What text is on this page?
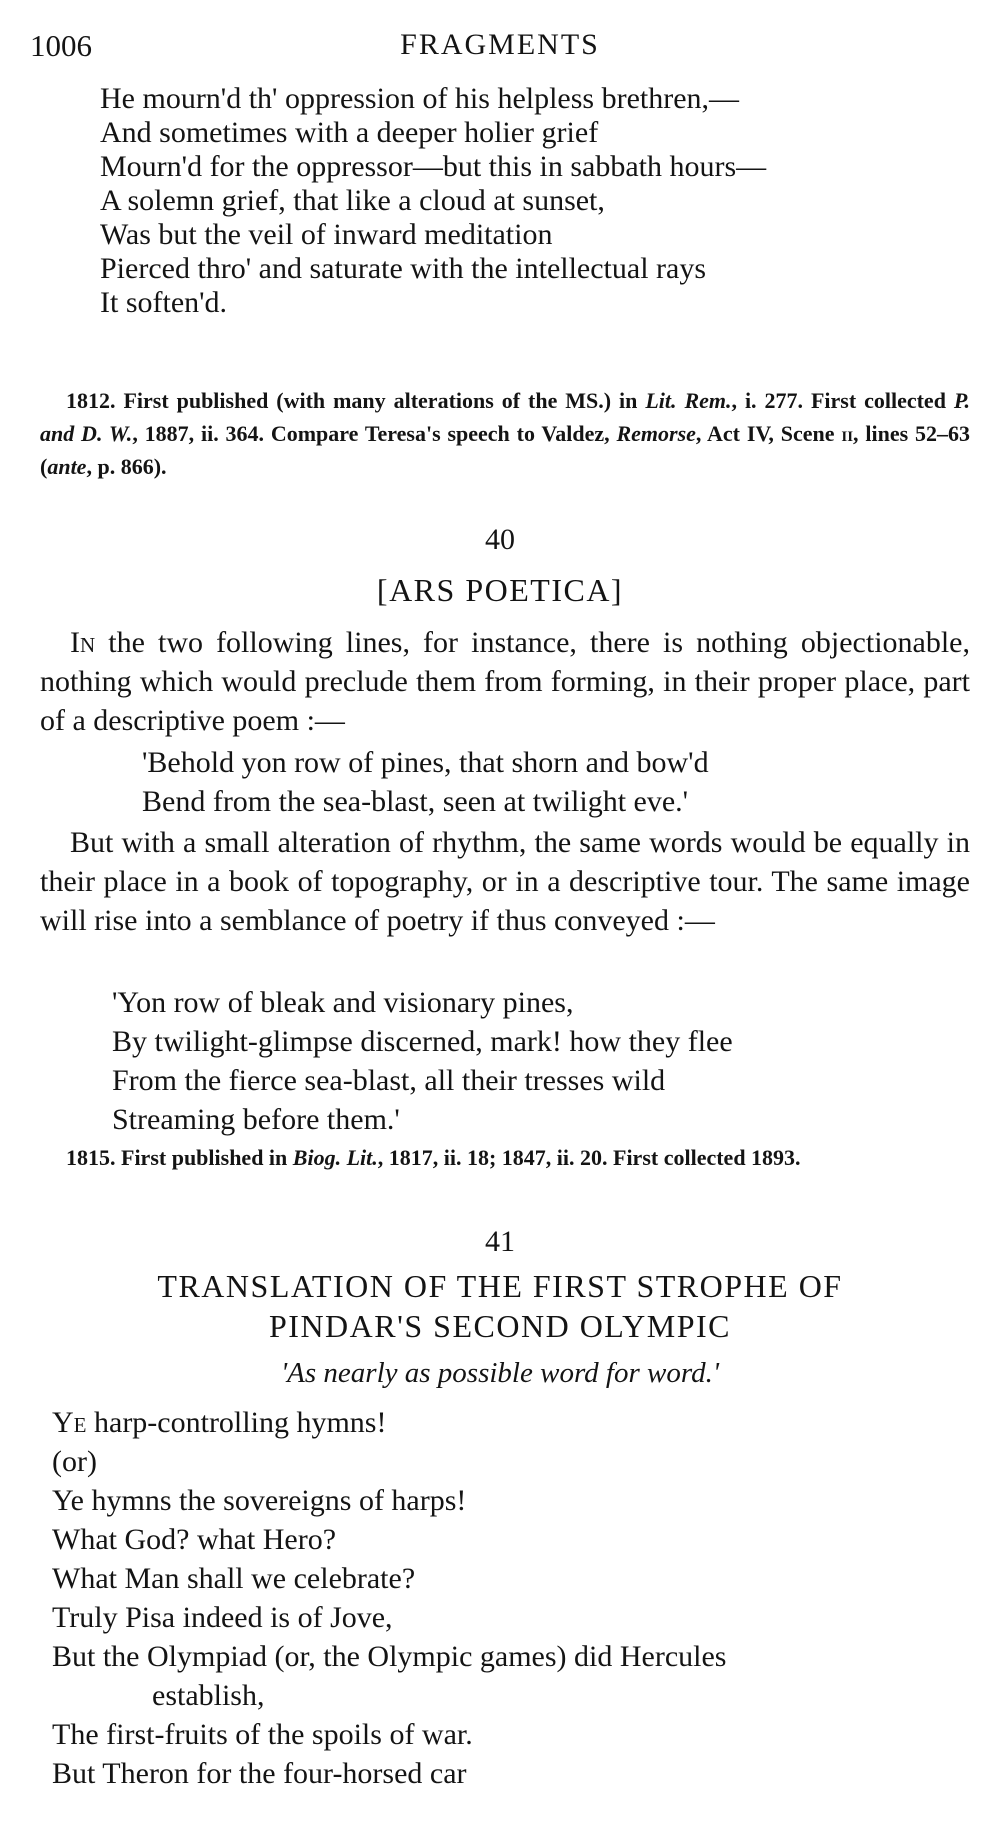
1006	FRAGMENTS
He mourn'd th' oppression of his helpless brethren,—
And sometimes with a deeper holier grief
Mourn'd for the oppressor—but this in sabbath hours—
A solemn grief, that like a cloud at sunset,
Was but the veil of inward meditation
Pierced thro' and saturate with the intellectual rays
It soften'd.

1812. First published (with many alterations of the MS.) in Lit. Rem., i. 277. First collected P. and D. W., 1887, ii. 364. Compare Teresa's speech to Valdez, Remorse, Act IV, Scene ii, lines 52–63 (ante, p. 866).

40
[ARS POETICA]

In the two following lines, for instance, there is nothing objectionable, nothing which would preclude them from forming, in their proper place, part of a descriptive poem :—

'Behold yon row of pines, that shorn and bow'd
Bend from the sea-blast, seen at twilight eve.'

But with a small alteration of rhythm, the same words would be equally in their place in a book of topography, or in a descriptive tour. The same image will rise into a semblance of poetry if thus conveyed :—

'Yon row of bleak and visionary pines,
By twilight-glimpse discerned, mark! how they flee
From the fierce sea-blast, all their tresses wild
Streaming before them.'

1815. First published in Biog. Lit., 1817, ii. 18; 1847, ii. 20. First collected 1893.

41
TRANSLATION OF THE FIRST STROPHE OF
PINDAR'S SECOND OLYMPIC
'As nearly as possible word for word.'
Ye harp-controlling hymns!
(or)
Ye hymns the sovereigns of harps!
What God? what Hero?
What Man shall we celebrate?
Truly Pisa indeed is of Jove,
But the Olympiad (or, the Olympic games) did Hercules
establish,
The first-fruits of the spoils of war.
But Theron for the four-horsed car
